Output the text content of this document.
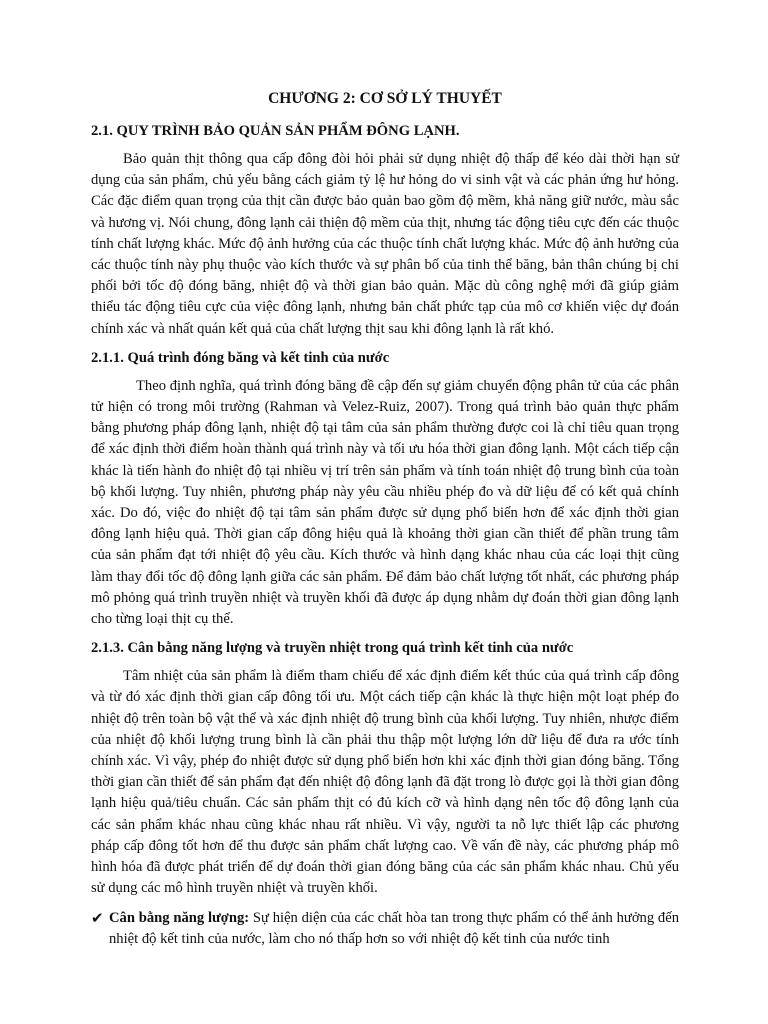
CHƯƠNG 2: CƠ SỞ LÝ THUYẾT
2.1. QUY TRÌNH BẢO QUẢN SẢN PHẨM ĐÔNG LẠNH.

Bảo quản thịt thông qua cấp đông đòi hỏi phải sử dụng nhiệt độ thấp để kéo dài thời hạn sử dụng của sản phẩm, chủ yếu bằng cách giảm tỷ lệ hư hỏng do vi sinh vật và các phản ứng hư hỏng. Các đặc điểm quan trọng của thịt cần được bảo quản bao gồm độ mềm, khả năng giữ nước, màu sắc và hương vị. Nói chung, đông lạnh cải thiện độ mềm của thịt, nhưng tác động tiêu cực đến các thuộc tính chất lượng khác. Mức độ ảnh hưởng của các thuộc tính chất lượng khác. Mức độ ảnh hưởng của các thuộc tính này phụ thuộc vào kích thước và sự phân bố của tinh thể băng, bản thân chúng bị chi phối bởi tốc độ đóng băng, nhiệt độ và thời gian bảo quản. Mặc dù công nghệ mới đã giúp giảm thiểu tác động tiêu cực của việc đông lạnh, nhưng bản chất phức tạp của mô cơ khiến việc dự đoán chính xác và nhất quán kết quả của chất lượng thịt sau khi đông lạnh là rất khó.

2.1.1. Quá trình đóng băng và kết tinh của nước

Theo định nghĩa, quá trình đóng băng đề cập đến sự giảm chuyển động phân tử của các phân tử hiện có trong môi trường (Rahman và Velez-Ruiz, 2007). Trong quá trình bảo quản thực phẩm bằng phương pháp đông lạnh, nhiệt độ tại tâm của sản phẩm thường được coi là chỉ tiêu quan trọng để xác định thời điểm hoàn thành quá trình này và tối ưu hóa thời gian đông lạnh. Một cách tiếp cận khác là tiến hành đo nhiệt độ tại nhiều vị trí trên sản phẩm và tính toán nhiệt độ trung bình của toàn bộ khối lượng. Tuy nhiên, phương pháp này yêu cầu nhiều phép đo và dữ liệu để có kết quả chính xác. Do đó, việc đo nhiệt độ tại tâm sản phẩm được sử dụng phổ biến hơn để xác định thời gian đông lạnh hiệu quả. Thời gian cấp đông hiệu quả là khoảng thời gian cần thiết để phần trung tâm của sản phẩm đạt tới nhiệt độ yêu cầu. Kích thước và hình dạng khác nhau của các loại thịt cũng làm thay đổi tốc độ đông lạnh giữa các sản phẩm. Để đảm bảo chất lượng tốt nhất, các phương pháp mô phỏng quá trình truyền nhiệt và truyền khối đã được áp dụng nhằm dự đoán thời gian đông lạnh cho từng loại thịt cụ thể.

2.1.3. Cân bằng năng lượng và truyền nhiệt trong quá trình kết tinh của nước

Tâm nhiệt của sản phẩm là điểm tham chiếu để xác định điểm kết thúc của quá trình cấp đông và từ đó xác định thời gian cấp đông tối ưu. Một cách tiếp cận khác là thực hiện một loạt phép đo nhiệt độ trên toàn bộ vật thể và xác định nhiệt độ trung bình của khối lượng. Tuy nhiên, nhược điểm của nhiệt độ khối lượng trung bình là cần phải thu thập một lượng lớn dữ liệu để đưa ra ước tính chính xác. Vì vậy, phép đo nhiệt được sử dụng phổ biến hơn khi xác định thời gian đóng băng. Tổng thời gian cần thiết để sản phẩm đạt đến nhiệt độ đông lạnh đã đặt trong lò được gọi là thời gian đông lạnh hiệu quả/tiêu chuẩn. Các sản phẩm thịt có đủ kích cỡ và hình dạng nên tốc độ đông lạnh của các sản phẩm khác nhau cũng khác nhau rất nhiều. Vì vậy, người ta nỗ lực thiết lập các phương pháp cấp đông tốt hơn để thu được sản phẩm chất lượng cao. Về vấn đề này, các phương pháp mô hình hóa đã được phát triển để dự đoán thời gian đóng băng của các sản phẩm khác nhau. Chủ yếu sử dụng các mô hình truyền nhiệt và truyền khối.

✔ Cân bằng năng lượng: Sự hiện diện của các chất hòa tan trong thực phẩm có thể ảnh hưởng đến nhiệt độ kết tinh của nước, làm cho nó thấp hơn so với nhiệt độ kết tinh của nước tinh
